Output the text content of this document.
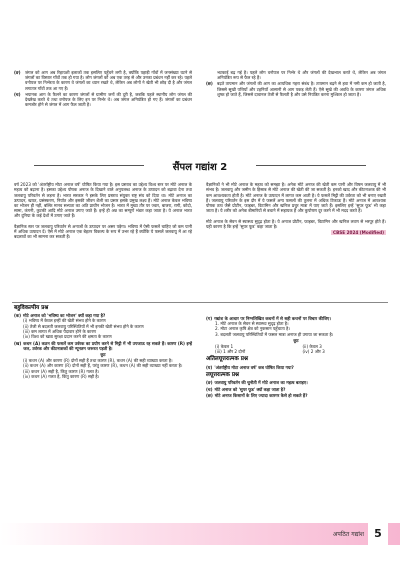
(ङ)	जंगल को आग अब रिहायशी इलाकों तक इसलिए पहुँचने लगी है, क्योंकि पहाड़ी गाँवों में जनसंख्या घटने से जंगलों का विस्तार गाँवों तक हो गया है। लोग जंगलों को अब एक तरह से और उनका प्रबंधन नहीं कर रहे। पहले वनोपज पर निर्भरता के कारण वे जंगलों का ध्यान रखते थे, लेकिन अब लोगों ने खेती भी छोड़ दी है और जंगल लगातार गाँवों तक आ गए हैं।
(च)	भयानक आग के फैलने का कारण जंगलों से ग्रामीण जनों की दूरी है, जबकि पहले स्थानीय लोग जंगल की देखरेख करते थे तथा वनोपज के लिए इन पर निर्भर थे। अब जंगल अनियंत्रित हो गए हैं। जंगलों का प्रबंधन कमजोर होने से जंगल में आग फैल जाती है।
भटकाई बढ़ गई है। पहले लोग वनोपज पर निर्भर थे और जंगलों की देखभाल करते थे, लेकिन अब जंगल अनियंत्रित रूप से फैल रहे हैं।
(छ)	बढ़ते तापमान और जंगलों की आग का अत्यधिक गहरा संबंध है। तापमान बढ़ने से हवा में नमी कम हो जाती है, जिससे सूखी पत्तियाँ और टहनियाँ आसानी से आग पकड़ लेती हैं। ऐसे सूखे की अवधि के कारण जंगल अधिक शुष्क हो जाते हैं, जिससे दावानल तेजी से फैलती है और उसे नियंत्रित करना मुश्किल हो जाता है।
सैंपल गद्यांश 2

वर्ष 2023 को 'अंतर्राष्ट्रीय मोटा अनाज वर्ष' घोषित किया गया है। इस प्रस्ताव का उद्देश्य विश्व स्तर पर मोटे अनाज के महत्व को बढ़ाना है। इसका उद्देश्य पोषक अनाज के दिखाने वाले अनुपलब्ध अनाज के उत्पादन को बढ़ावा देना तथा जलवायु परिवर्तन से लड़ना है। भारत सरकार ने इसके लिए प्रस्ताव संयुक्त राष्ट्र संघ को दिया था। मोटे अनाज का उत्पादन, खपत, प्रसंस्करण, निर्यात और इसकी जीवन शैली का प्रसार इसके प्रमुख लक्ष्य हैं। मोटे अनाज केवल भविष्य का भोजन ही नहीं, बल्कि मानव सभ्यता का अति प्राचीन भोजन है। भारत में मुख्य तौर पर ज्वार, बाजरा, रागी, कोदो, सामा, कंगनी, कुटकी आदि मोटे अनाज उगाए जाते हैं। इन्हें ही अन्न का सम्पूर्ण भंडार कहा जाता है। ये अनाज भारत और दुनिया के कई देशों में उगाए जाते हैं।

वैज्ञानिक स्तर पर जलवायु परिवर्तन से अनाजों के उत्पादन पर असर पड़ेगा। भविष्य में ऐसी फसलें चाहिए जो कम पानी में अधिक उत्पादन दें। ऐसे में मोटे अनाज एक बेहतर विकल्प के रूप में उभर रहे हैं क्योंकि ये फसलें जलवायु में आ रहे बदलावों का भी सामना कर सकती हैं।

वैज्ञानिकों ने भी मोटे अनाज के महत्व को समझा है। अनेक मोटे अनाज की खेती कम पानी और विषम जलवायु में भी संभव है। जलवायु और जमीन के हिसाब से मोटे अनाज की खेती की जा सकती है। इनको खाद और कीटनाशक की भी कम आवश्यकता होती है। मोटे अनाज के उत्पादन में लागत कम आती है। ये फसलें मिट्टी की उर्वरता को भी बनाए रखती हैं। जलवायु परिवर्तन के इस दौर में ये फसलें अन्य फसलों की तुलना में अधिक टिकाऊ हैं। मोटे अनाज में आवश्यक पोषक तत्व जैसे प्रोटीन, फाइबर, विटामिन और खनिज प्रचुर मात्रा में पाए जाते हैं। इसलिए इन्हें 'सुपर फूड' भी कहा जाता है। ये शरीर को अनेक बीमारियों से बचाने में सहायक हैं और कुपोषण दूर करने में भी मदद करते हैं।

मोटे अनाज के सेवन से स्वास्थ्य सुदृढ़ होता है। ये अनाज प्रोटीन, फाइबर, विटामिन और खनिज लवण से भरपूर होते हैं। यही कारण है कि इन्हें 'सुपर फूड' कहा जाता है।

CBSE 2024 (Modified)

बहुविकल्पीय प्रश्न
(क) मोटे अनाज को 'भविष्य का भोजन' क्यों कहा गया है?
(i) भविष्य में केवल इन्हीं की खेती संभव होने के कारण
(ii) तेजी से बदलती जलवायु परिस्थितियों में भी इनकी खेती संभव होने के कारण
(iii) कम लागत में अधिक पैदावार होने के कारण
(iv) विश्व को खाद्य सुरक्षा प्रदान करने की क्षमता के कारण
(ख) कथन (A) कठन की फसलें कम उर्वरक का प्रयोग करने से मिट्टी में भी उपजाऊ रह सकते हैं। कारण (R) इन्हें जल, उर्वरक और कीटनाशकों की न्यूनतम जरूरत पड़ती है।
कूट
(i) कथन (A) और कारण (R) दोनों सही हैं तथा कारण (R), कथन (A) की सही व्याख्या करता है।
(ii) कथन (A) और कारण (R) दोनों सही हैं, परंतु कारण (R), कथन (A) की सही व्याख्या नहीं करता है।
(iii) कथन (A) सही है, किंतु कारण (R) गलत है।
(iv) कथन (A) गलत है, किंतु कारण (R) सही है।
(ग) गद्यांश के आधार पर निम्नलिखित कथनों में से सही कथनों पर विचार कीजिए।
1. मोटे अनाज के सेवन से स्वास्थ्य सुदृढ़ होता है।
2. मोटा अनाज कृषि क्षेत्र को नुकसान पहुँचाता है।
3. बदलती जलवायु परिस्थितियों में फसल मात्रा अनाज ही उगाया जा सकता है।
कूट
(i) केवल 1	(ii) केवल 3
(iii) 1 और 2 दोनों	(iv) 2 और 3
अतिलघूत्तरात्मक प्रश्न
(घ) 'अंतर्राष्ट्रीय मोटा अनाज वर्ष' कब घोषित किया गया?
लघूत्तरात्मक प्रश्न
(ङ) जलवायु परिवर्तन की चुनौती में मोटे अनाज का महत्व बताइए।
(च) मोटे अनाज को 'सुपर फूड' क्यों कहा जाता है?
(छ) मोटे अनाज किसानों के लिए ज्यादा कारगर कैसे हो सकते हैं?
अपठित गद्यांश 5
